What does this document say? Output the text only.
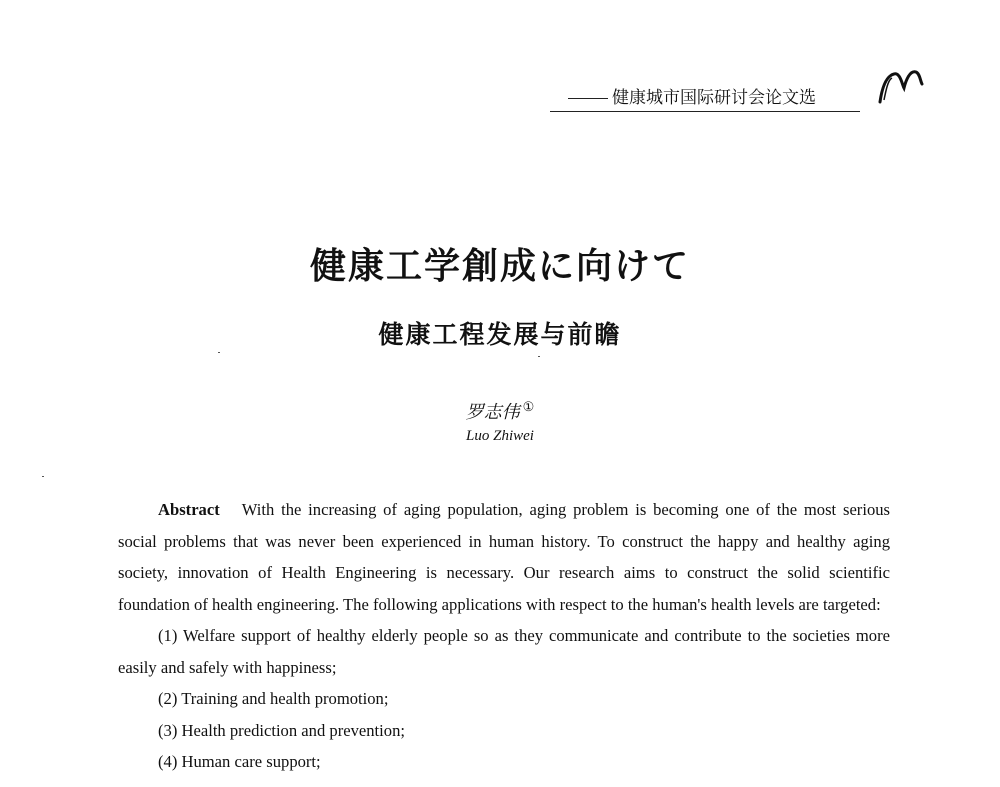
健康城市国际研讨会论文选
健康工学創成に向けて
健康工程发展与前瞻
罗志伟 ①
Luo Zhiwei

Abstract With the increasing of aging population, aging problem is becoming one of the most serious social problems that was never been experienced in human history. To construct the happy and healthy aging society, innovation of Health Engineering is necessary. Our research aims to construct the solid scientific foundation of health engineering. The following applications with respect to the human's health levels are targeted:

(1) Welfare support of healthy elderly people so as they communicate and contribute to the societies more easily and safely with happiness;

(2) Training and health promotion;

(3) Health prediction and prevention;

(4) Human care support;
